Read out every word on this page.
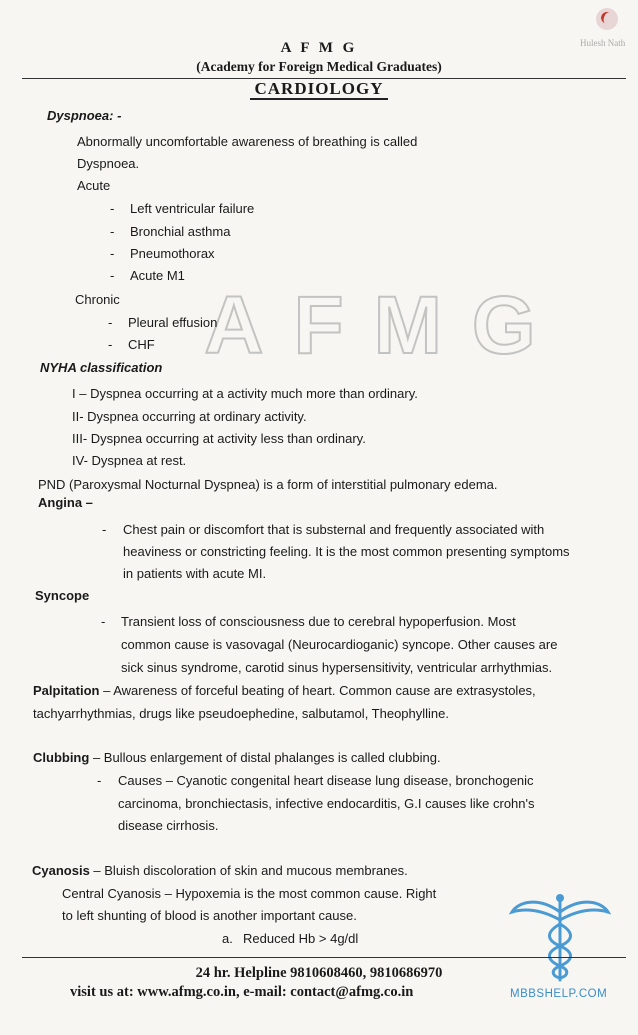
Hulesh Nath
A F M G
(Academy for Foreign Medical Graduates)
CARDIOLOGY
AFMG
Dyspnoea: -
Abnormally uncomfortable awareness of breathing is called
Dyspnoea.
Acute
- Left ventricular failure
- Bronchial asthma
- Pneumothorax
- Acute M1
Chronic
- Pleural effusion
- CHF
NYHA classification
I – Dyspnea occurring at a activity much more than ordinary.
II- Dyspnea occurring at ordinary activity.
III- Dyspnea occurring at activity less than ordinary.
IV- Dyspnea at rest.
PND (Paroxysmal Nocturnal Dyspnea) is a form of interstitial pulmonary edema.
Angina –
- Chest pain or discomfort that is substernal and frequently associated with
heaviness or constricting feeling. It is the most common presenting symptoms
in patients with acute MI.
Syncope
- Transient loss of consciousness due to cerebral hypoperfusion. Most
common cause is vasovagal (Neurocardioganic) syncope. Other causes are
sick sinus syndrome, carotid sinus hypersensitivity, ventricular arrhythmias.
Palpitation – Awareness of forceful beating of heart. Common cause are extrasystoles,
tachyarrhythmias, drugs like pseudoephedine, salbutamol, Theophylline.
Clubbing – Bullous enlargement of distal phalanges is called clubbing.
- Causes – Cyanotic congenital heart disease lung disease, bronchogenic
carcinoma, bronchiectasis, infective endocarditis, G.I causes like crohn's
disease cirrhosis.
Cyanosis – Bluish discoloration of skin and mucous membranes.
Central Cyanosis – Hypoxemia is the most common cause. Right
to left shunting of blood is another important cause.
a. Reduced Hb > 4g/dl
24 hr. Helpline 9810608460, 9810686970
visit us at: www.afmg.co.in, e-mail: contact@afmg.co.in	MBBSHELP.COM
